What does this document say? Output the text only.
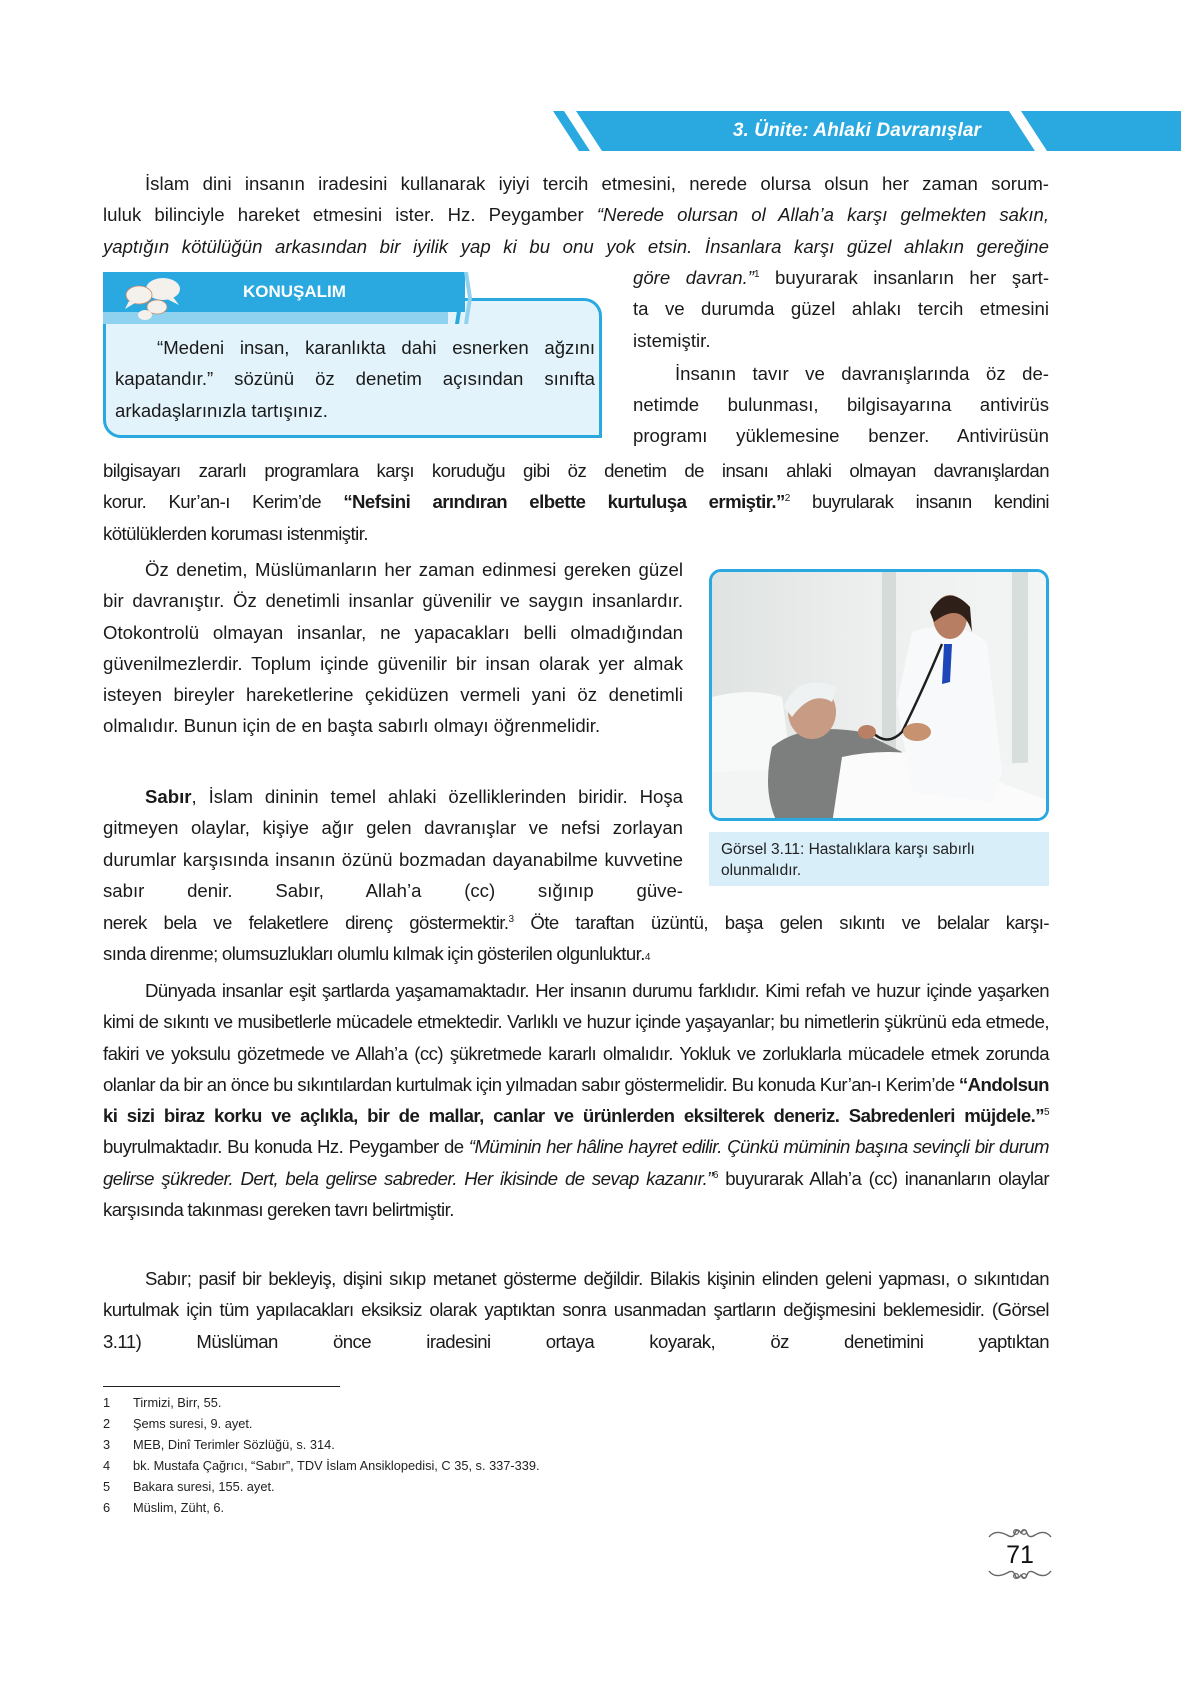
3. Ünite: Ahlaki Davranışlar

İslam dini insanın iradesini kullanarak iyiyi tercih etmesini, nerede olursa olsun her zaman sorum-

luluk bilinciyle hareket etmesini ister. Hz. Peygamber “Nerede olursan ol Allah’a karşı gelmekten sakın,

yaptığın kötülüğün arkasından bir iyilik yap ki bu onu yok etsin. İnsanlara karşı güzel ahlakın gereğine

göre davran.”$^1$ buyurarak insanların her şart-

ta ve durumda güzel ahlakı tercih etmesini

istemiştir.

İnsanın tavır ve davranışlarında öz de-

netimde bulunması, bilgisayarına antivirüs

programı yüklemesine benzer. Antivirüsün

KONUŞALIM
“Medeni insan, karanlıkta dahi esnerken ağzını kapatandır.” sözünü öz denetim açısından sınıfta arkadaşlarınızla tartışınız.

bilgisayarı zararlı programlara karşı koruduğu gibi öz denetim de insanı ahlaki olmayan davranışlardan

korur. Kur’an-ı Kerim’de “Nefsini arındıran elbette kurtuluşa ermiştir.”$^2$ buyrularak insanın kendini

kötülüklerden koruması istenmiştir.

Öz denetim, Müslümanların her zaman edinmesi gereken güzel bir davranıştır. Öz denetimli insanlar güvenilir ve saygın insanlardır. Otokontrolü olmayan insanlar, ne yapacakları belli olmadığından güvenilmezlerdir. Toplum içinde güvenilir bir insan olarak yer almak isteyen bireyler hareketlerine çekidüzen vermeli yani öz denetimli olmalıdır. Bunun için de en başta sabırlı olmayı öğrenmelidir.

Sabır, İslam dininin temel ahlaki özelliklerinden biridir. Hoşa gitmeyen olaylar, kişiye ağır gelen davranışlar ve nefsi zorlayan durumlar karşısında insanın özünü bozmadan dayanabilme kuvvetine sabır denir. Sabır, Allah’a (cc) sığınıp güve-

nerek bela ve felaketlere direnç göstermektir.$^3$ Öte taraftan üzüntü, başa gelen sıkıntı ve belalar karşı-

sında direnme; olumsuzlukları olumlu kılmak için gösterilen olgunluktur.4

Görsel 3.11: Hastalıklara karşı sabırlı olunmalıdır.

Dünyada insanlar eşit şartlarda yaşamamaktadır. Her insanın durumu farklıdır. Kimi refah ve huzur içinde yaşarken kimi de sıkıntı ve musibetlerle mücadele etmektedir. Varlıklı ve huzur içinde yaşayanlar; bu nimetlerin şükrünü eda etmede, fakiri ve yoksulu gözetmede ve Allah’a (cc) şükretmede kararlı olmalıdır. Yokluk ve zorluklarla mücadele etmek zorunda olanlar da bir an önce bu sıkıntılardan kurtulmak için yılmadan sabır göstermelidir. Bu konuda Kur’an-ı Kerim’de “Andolsun ki sizi biraz korku ve açlıkla, bir de mallar, canlar ve ürünlerden eksilterek deneriz. Sabredenleri müjdele.”$^5$ buyrulmaktadır. Bu konuda Hz. Peygamber de “Müminin her hâline hayret edilir. Çünkü müminin başına sevinçli bir durum gelirse şükreder. Dert, bela gelirse sabreder. Her ikisinde de sevap kazanır.”$^6$ buyurarak Allah’a (cc) inananların olaylar karşısında takınması gereken tavrı belirtmiştir.

Sabır; pasif bir bekleyiş, dişini sıkıp metanet gösterme değildir. Bilakis kişinin elinden geleni yapması, o sıkıntıdan kurtulmak için tüm yapılacakları eksiksiz olarak yaptıktan sonra usanmadan şartların değişmesini beklemesidir. (Görsel 3.11) Müslüman önce iradesini ortaya koyarak, öz denetimini yaptıktan

1	Tirmizi, Birr, 55.
2	Şems suresi, 9. ayet.
3	MEB, Dinî Terimler Sözlüğü, s. 314.
4	bk. Mustafa Çağrıcı, “Sabır”, TDV İslam Ansiklopedisi, C 35, s. 337-339.
5	Bakara suresi, 155. ayet.
6	Müslim, Züht, 6.
71
